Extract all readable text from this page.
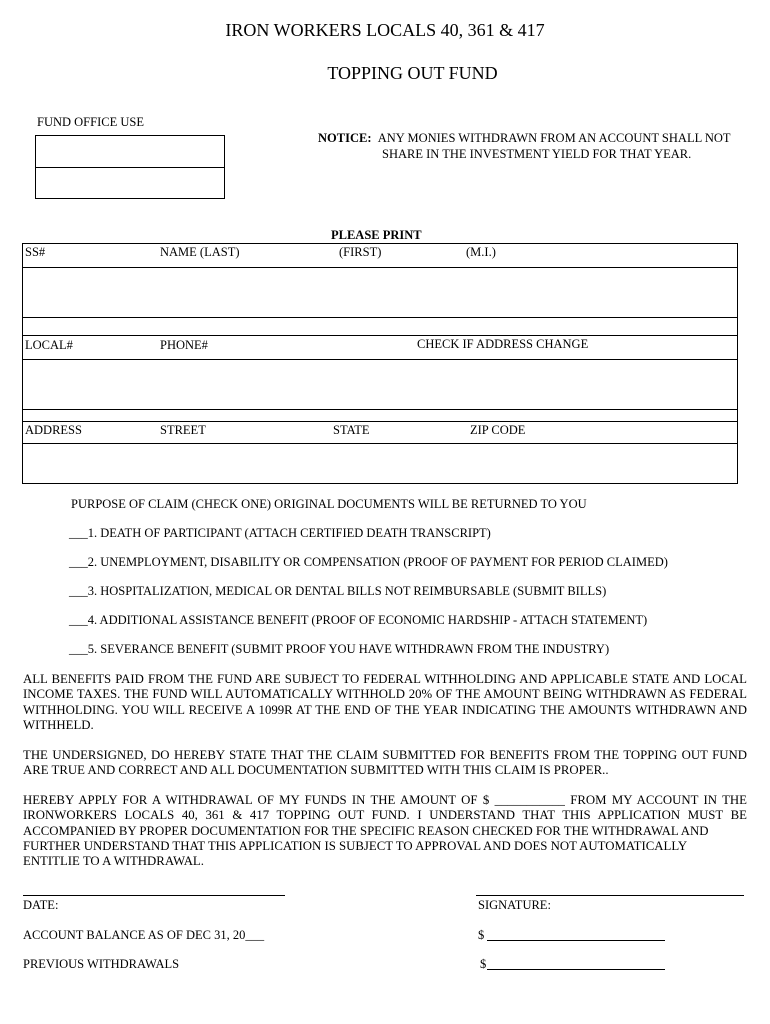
IRON WORKERS LOCALS 40, 361 & 417
TOPPING OUT FUND
FUND OFFICE USE
NOTICE: ANY MONIES WITHDRAWN FROM AN ACCOUNT SHALL NOT
SHARE IN THE INVESTMENT YIELD FOR THAT YEAR.
PLEASE PRINT
SS#	NAME (LAST)	(FIRST)	(M.I.)
LOCAL#	PHONE#	CHECK IF ADDRESS CHANGE
ADDRESS	STREET	STATE	ZIP CODE
PURPOSE OF CLAIM (CHECK ONE) ORIGINAL DOCUMENTS WILL BE RETURNED TO YOU
___1. DEATH OF PARTICIPANT (ATTACH CERTIFIED DEATH TRANSCRIPT)
___2. UNEMPLOYMENT, DISABILITY OR COMPENSATION (PROOF OF PAYMENT FOR PERIOD CLAIMED)
___3. HOSPITALIZATION, MEDICAL OR DENTAL BILLS NOT REIMBURSABLE (SUBMIT BILLS)
___4. ADDITIONAL ASSISTANCE BENEFIT (PROOF OF ECONOMIC HARDSHIP - ATTACH STATEMENT)
___5. SEVERANCE BENEFIT (SUBMIT PROOF YOU HAVE WITHDRAWN FROM THE INDUSTRY)
ALL BENEFITS PAID FROM THE FUND ARE SUBJECT TO FEDERAL WITHHOLDING AND APPLICABLE STATE AND LOCAL INCOME TAXES. THE FUND WILL AUTOMATICALLY WITHHOLD 20% OF THE AMOUNT BEING WITHDRAWN AS FEDERAL WITHHOLDING. YOU WILL RECEIVE A 1099R AT THE END OF THE YEAR INDICATING THE AMOUNTS WITHDRAWN AND WITHHELD.
THE UNDERSIGNED, DO HEREBY STATE THAT THE CLAIM SUBMITTED FOR BENEFITS FROM THE TOPPING OUT FUND ARE TRUE AND CORRECT AND ALL DOCUMENTATION SUBMITTED WITH THIS CLAIM IS PROPER..
HEREBY APPLY FOR A WITHDRAWAL OF MY FUNDS IN THE AMOUNT OF $ ___________ FROM MY ACCOUNT IN THE IRONWORKERS LOCALS 40, 361 & 417 TOPPING OUT FUND. I UNDERSTAND THAT THIS APPLICATION MUST BE ACCOMPANIED BY PROPER DOCUMENTATION FOR THE SPECIFIC REASON CHECKED FOR THE WITHDRAWAL AND
FURTHER UNDERSTAND THAT THIS APPLICATION IS SUBJECT TO APPROVAL AND DOES NOT AUTOMATICALLY
ENTITLIE TO A WITHDRAWAL.
DATE:	SIGNATURE:
ACCOUNT BALANCE AS OF DEC 31, 20___	$
PREVIOUS WITHDRAWALS	$
